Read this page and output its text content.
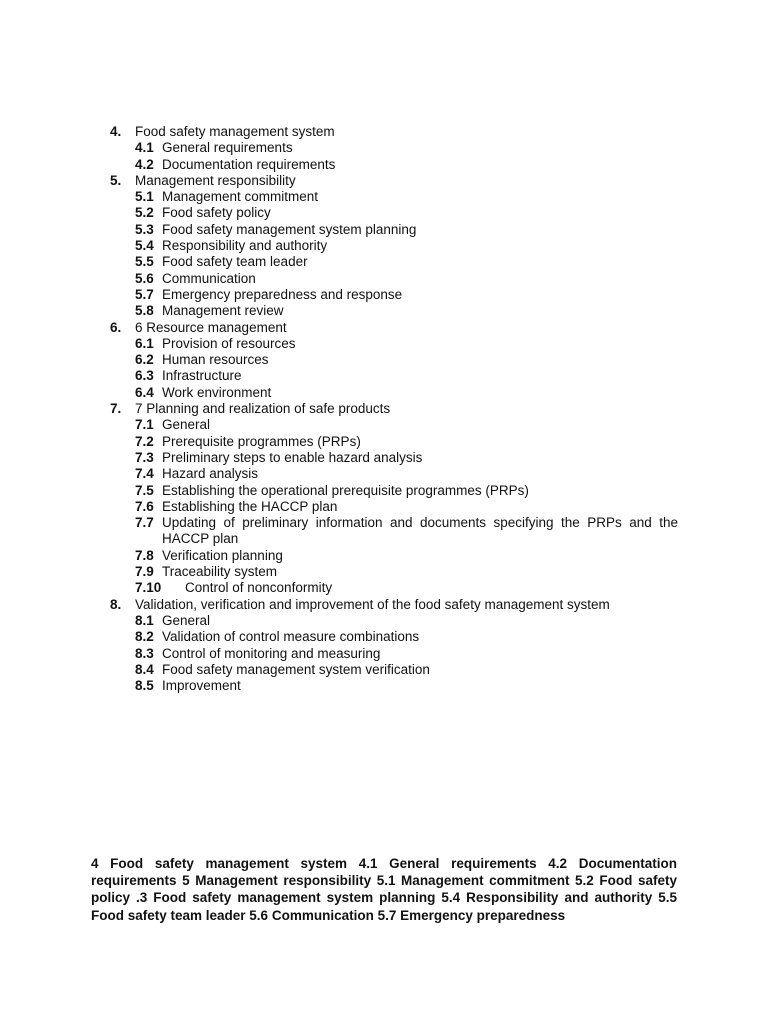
4.	Food safety management system
4.1 General requirements
4.2 Documentation requirements
5.	Management responsibility
5.1 Management commitment
5.2 Food safety policy
5.3 Food safety management system planning
5.4 Responsibility and authority
5.5 Food safety team leader
5.6 Communication
5.7 Emergency preparedness and response
5.8 Management review
6.	6 Resource management
6.1 Provision of resources
6.2 Human resources
6.3 Infrastructure
6.4 Work environment
7.	7 Planning and realization of safe products
7.1 General
7.2 Prerequisite programmes (PRPs)
7.3 Preliminary steps to enable hazard analysis
7.4 Hazard analysis
7.5 Establishing the operational prerequisite programmes (PRPs)
7.6 Establishing the HACCP plan
7.7 Updating of preliminary information and documents specifying the PRPs and the HACCP plan
7.8 Verification planning
7.9 Traceability system
7.10	Control of nonconformity
8.	Validation, verification and improvement of the food safety management system
8.1 General
8.2 Validation of control measure combinations
8.3 Control of monitoring and measuring
8.4 Food safety management system verification
8.5 Improvement
4 Food safety management system 4.1 General requirements 4.2 Documentation requirements 5 Management responsibility 5.1 Management commitment 5.2 Food safety policy .3 Food safety management system planning 5.4 Responsibility and authority 5.5 Food safety team leader 5.6 Communication 5.7 Emergency preparedness
